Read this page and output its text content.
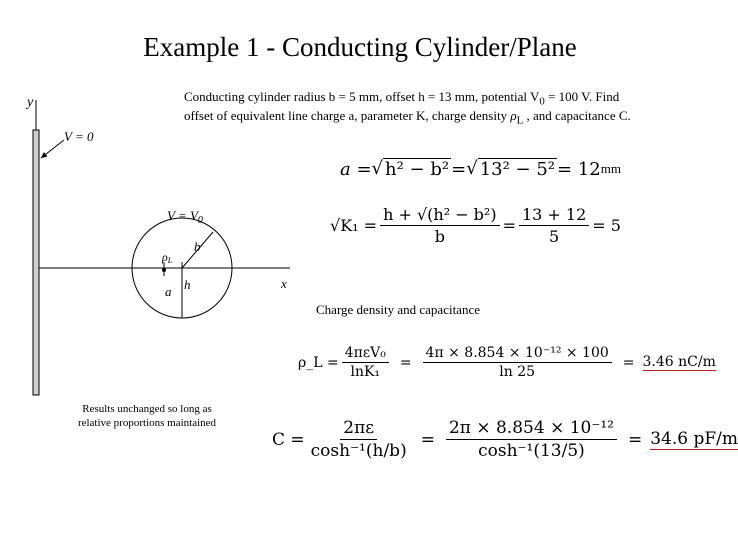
Example 1 - Conducting Cylinder/Plane
Conducting cylinder radius b = 5 mm, offset h = 13 mm, potential $V_0 = 100$ V. Find
offset of equivalent line charge a, parameter K, charge density $\rho_L$ , and capacitance C.
y
x
V = 0
$V = V_0$
ρL
b
a h
a = √ h² − b² = √ 13² − 5² = 12 mm
$√K_1 = \frac{\text{h + √(h² − b²)}}{b} = \frac{13 + 12}{5} = 5$
Charge density and capacitance
ρ_L = $\frac{\text{4πεV₀}}{\text{lnK₁}} = \frac{\text{4π × 8.854 × 10⁻¹² × 100}}{\ln 25} = 3.46$ nC/m
$C = \frac{2\pi\varepsilon}{\text{cosh⁻¹(h/b)}} = \frac{\text{2π × 8.854 × 10⁻¹²}}{\text{cosh⁻¹(13/5)}} = 34.6$ pF/m
Results unchanged so long as
relative proportions maintained
